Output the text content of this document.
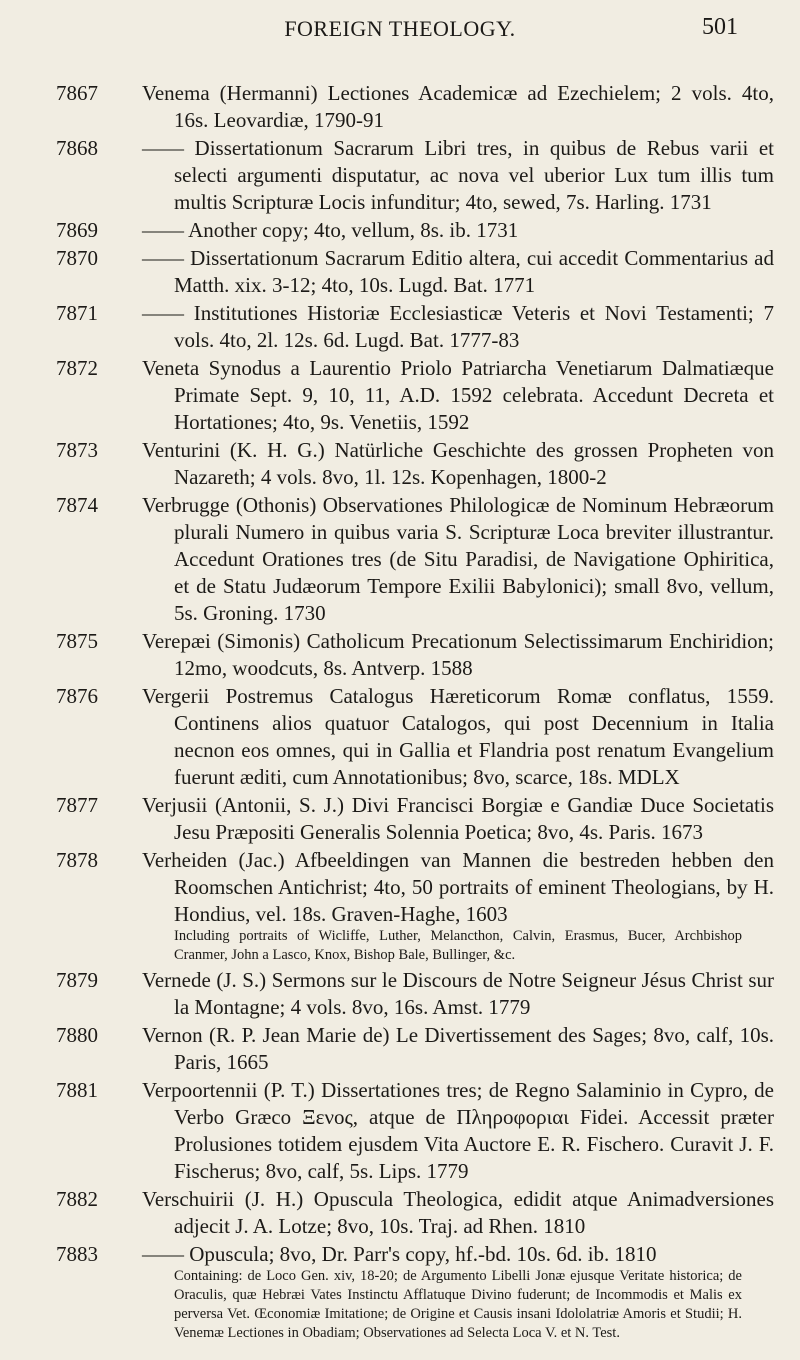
FOREIGN THEOLOGY.	501
7867 Venema (Hermanni) Lectiones Academicæ ad Ezechielem; 2 vols. 4to, 16s. Leovardiæ, 1790-91
7868 —— Dissertationum Sacrarum Libri tres, in quibus de Rebus varii et selecti argumenti disputatur, ac nova vel uberior Lux tum illis tum multis Scripturæ Locis infunditur; 4to, sewed, 7s. Harling. 1731
7869 —— Another copy; 4to, vellum, 8s. ib. 1731
7870 —— Dissertationum Sacrarum Editio altera, cui accedit Commentarius ad Matth. xix. 3-12; 4to, 10s. Lugd. Bat. 1771
7871 —— Institutiones Historiæ Ecclesiasticæ Veteris et Novi Testamenti; 7 vols. 4to, 2l. 12s. 6d. Lugd. Bat. 1777-83
7872 Veneta Synodus a Laurentio Priolo Patriarcha Venetiarum Dalmatiæque Primate Sept. 9, 10, 11, A.D. 1592 celebrata. Accedunt Decreta et Hortationes; 4to, 9s. Venetiis, 1592
7873 Venturini (K. H. G.) Natürliche Geschichte des grossen Propheten von Nazareth; 4 vols. 8vo, 1l. 12s. Kopenhagen, 1800-2
7874 Verbrugge (Othonis) Observationes Philologicæ de Nominum Hebræorum plurali Numero in quibus varia S. Scripturæ Loca breviter illustrantur. Accedunt Orationes tres (de Situ Paradisi, de Navigatione Ophiritica, et de Statu Judæorum Tempore Exilii Babylonici); small 8vo, vellum, 5s. Groning. 1730
7875 Verepæi (Simonis) Catholicum Precationum Selectissimarum Enchiridion; 12mo, woodcuts, 8s. Antverp. 1588
7876 Vergerii Postremus Catalogus Hæreticorum Romæ conflatus, 1559. Continens alios quatuor Catalogos, qui post Decennium in Italia necnon eos omnes, qui in Gallia et Flandria post renatum Evangelium fuerunt æditi, cum Annotationibus; 8vo, scarce, 18s. MDLX
7877 Verjusii (Antonii, S. J.) Divi Francisci Borgiæ e Gandiæ Duce Societatis Jesu Præpositi Generalis Solennia Poetica; 8vo, 4s. Paris. 1673
7878 Verheiden (Jac.) Afbeeldingen van Mannen die bestreden hebben den Roomschen Antichrist; 4to, 50 portraits of eminent Theologians, by H. Hondius, vel. 18s. Graven-Haghe, 1603
Including portraits of Wicliffe, Luther, Melancthon, Calvin, Erasmus, Bucer, Archbishop Cranmer, John a Lasco, Knox, Bishop Bale, Bullinger, &c.
7879 Vernede (J. S.) Sermons sur le Discours de Notre Seigneur Jésus Christ sur la Montagne; 4 vols. 8vo, 16s. Amst. 1779
7880 Vernon (R. P. Jean Marie de) Le Divertissement des Sages; 8vo, calf, 10s. Paris, 1665
7881 Verpoortennii (P. T.) Dissertationes tres; de Regno Salaminio in Cypro, de Verbo Græco Ξενος, atque de Πληροφοριαι Fidei. Accessit præter Prolusiones totidem ejusdem Vita Auctore E. R. Fischero. Curavit J. F. Fischerus; 8vo, calf, 5s. Lips. 1779
7882 Verschuirii (J. H.) Opuscula Theologica, edidit atque Animadversiones adjecit J. A. Lotze; 8vo, 10s. Traj. ad Rhen. 1810
7883 —— Opuscula; 8vo, Dr. Parr's copy, hf.-bd. 10s. 6d. ib. 1810
Containing: de Loco Gen. xiv, 18-20; de Argumento Libelli Jonæ ejusque Veritate historica; de Oraculis, quæ Hebræi Vates Instinctu Afflatuque Divino fuderunt; de Incommodis et Malis ex perversa Vet. Œconomiæ Imitatione; de Origine et Causis insani Idololatriæ Amoris et Studii; H. Venemæ Lectiones in Obadiam; Observationes ad Selecta Loca V. et N. Test.
